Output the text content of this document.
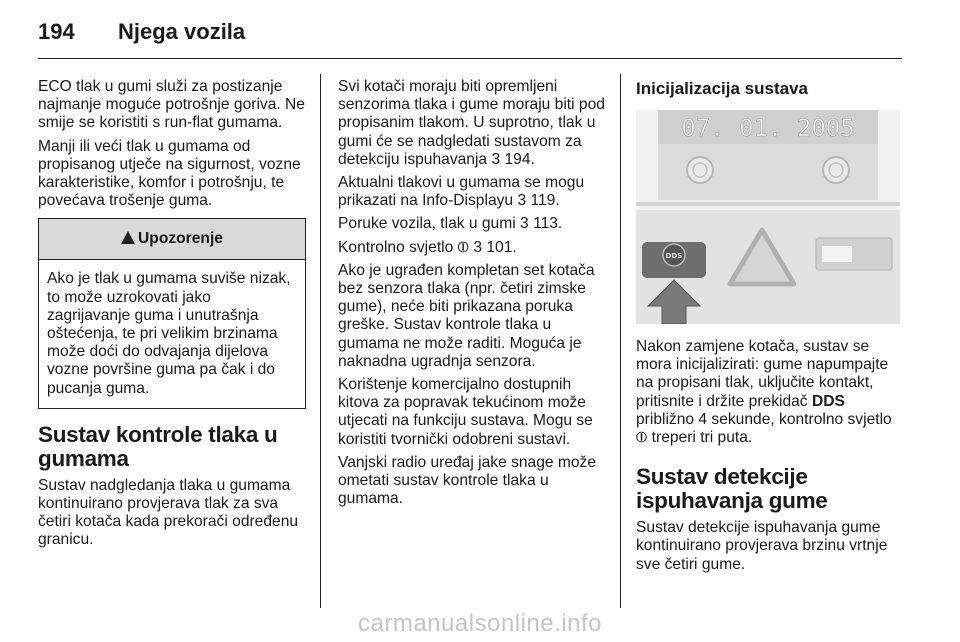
194	Njega vozila

ECO tlak u gumi služi za postizanje najmanje moguće potrošnje goriva. Ne smije se koristiti s run-flat gumama.

Manji ili veći tlak u gumama od propisanog utječe na sigurnost, vozne karakteristike, komfor i potrošnju, te povećava trošenje guma.

!Upozorenje
Ako je tlak u gumama suviše nizak, to može uzrokovati jako zagrijavanje guma i unutrašnja oštećenja, te pri velikim brzinama može doći do odvajanja dijelova vozne površine guma pa čak i do pucanja guma.
Sustav kontrole tlaka u gumama

Sustav nadgledanja tlaka u gumama kontinuirano provjerava tlak za sva četiri kotača kada prekorači određenu granicu.

Svi kotači moraju biti opremljeni senzorima tlaka i gume moraju biti pod propisanim tlakom. U suprotno, tlak u gumi će se nadgledati sustavom za detekciju ispuhavanja 3 194.

Aktualni tlakovi u gumama se mogu prikazati na Info-Displayu 3 119.

Poruke vozila, tlak u gumi 3 113.

Kontrolno svjetlo ⦶ 3 101.

Ako je ugrađen kompletan set kotača bez senzora tlaka (npr. četiri zimske gume), neće biti prikazana poruka greške. Sustav kontrole tlaka u gumama ne može raditi. Moguća je naknadna ugradnja senzora.

Korištenje komercijalno dostupnih kitova za popravak tekućinom može utjecati na funkciju sustava. Mogu se koristiti tvornički odobreni sustavi.

Vanjski radio uređaj jake snage može ometati sustav kontrole tlaka u gumama.

Inicijalizacija sustava
07. 01. 2005
DDS

Nakon zamjene kotača, sustav se mora inicijalizirati: gume napumpajte na propisani tlak, uključite kontakt, pritisnite i držite prekidač DDS približno 4 sekunde, kontrolno svjetlo ⦶ treperi tri puta.

Sustav detekcije ispuhavanja gume

Sustav detekcije ispuhavanja gume kontinuirano provjerava brzinu vrtnje sve četiri gume.

carmanualsonline.info
